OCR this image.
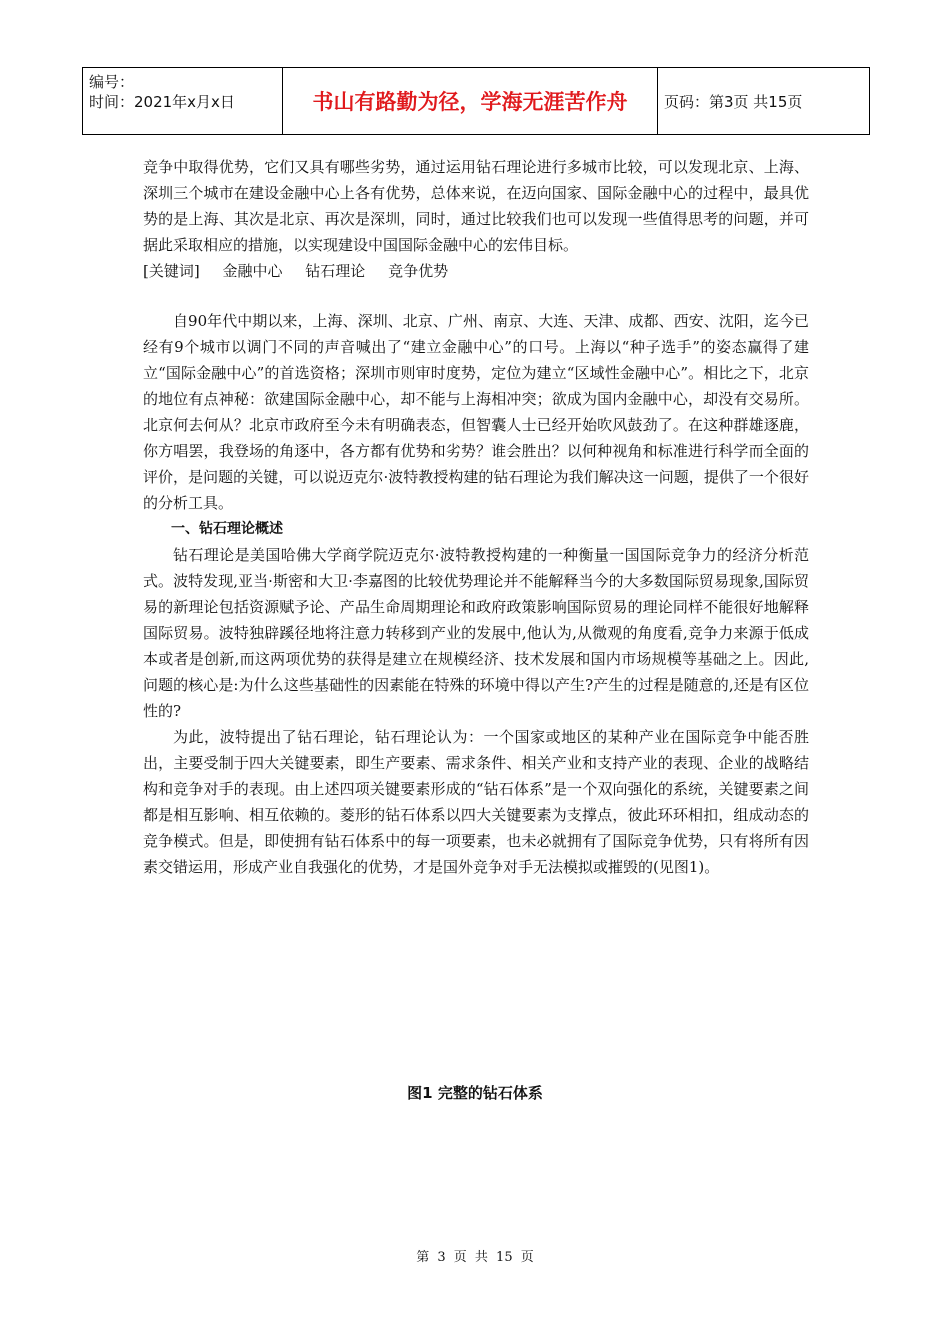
编号：
时间：2021年x月x日	书山有路勤为径，学海无涯苦作舟	页码：第3页 共15页

竞争中取得优势，它们又具有哪些劣势，通过运用钻石理论进行多城市比较，可以发现北京、上海、深圳三个城市在建设金融中心上各有优势，总体来说，在迈向国家、国际金融中心的过程中，最具优势的是上海、其次是北京、再次是深圳，同时，通过比较我们也可以发现一些值得思考的问题，并可据此采取相应的措施，以实现建设中国国际金融中心的宏伟目标。

[关键词] 金融中心 钻石理论 竞争优势

自90年代中期以来，上海、深圳、北京、广州、南京、大连、天津、成都、西安、沈阳，迄今已经有9个城市以调门不同的声音喊出了“建立金融中心”的口号。上海以“种子选手”的姿态赢得了建立“国际金融中心”的首选资格；深圳市则审时度势，定位为建立“区域性金融中心”。相比之下，北京的地位有点神秘：欲建国际金融中心，却不能与上海相冲突；欲成为国内金融中心，却没有交易所。北京何去何从？北京市政府至今未有明确表态，但智囊人士已经开始吹风鼓劲了。在这种群雄逐鹿，你方唱罢，我登场的角逐中，各方都有优势和劣势？谁会胜出？以何种视角和标准进行科学而全面的评价，是问题的关键，可以说迈克尔·波特教授构建的钻石理论为我们解决这一问题，提供了一个很好的分析工具。

一、钻石理论概述

钻石理论是美国哈佛大学商学院迈克尔·波特教授构建的一种衡量一国国际竞争力的经济分析范式。波特发现,亚当·斯密和大卫·李嘉图的比较优势理论并不能解释当今的大多数国际贸易现象,国际贸易的新理论包括资源赋予论、产品生命周期理论和政府政策影响国际贸易的理论同样不能很好地解释国际贸易。波特独辟蹊径地将注意力转移到产业的发展中,他认为,从微观的角度看,竞争力来源于低成本或者是创新,而这两项优势的获得是建立在规模经济、技术发展和国内市场规模等基础之上。因此,问题的核心是:为什么这些基础性的因素能在特殊的环境中得以产生?产生的过程是随意的,还是有区位性的?

为此，波特提出了钻石理论，钻石理论认为：一个国家或地区的某种产业在国际竞争中能否胜出，主要受制于四大关键要素，即生产要素、需求条件、相关产业和支持产业的表现、企业的战略结构和竞争对手的表现。由上述四项关键要素形成的“钻石体系”是一个双向强化的系统，关键要素之间都是相互影响、相互依赖的。菱形的钻石体系以四大关键要素为支撑点，彼此环环相扣，组成动态的竞争模式。但是，即使拥有钻石体系中的每一项要素，也未必就拥有了国际竞争优势，只有将所有因素交错运用，形成产业自我强化的优势，才是国外竞争对手无法模拟或摧毁的(见图1)。

图1 完整的钻石体系
第 3 页 共 15 页
